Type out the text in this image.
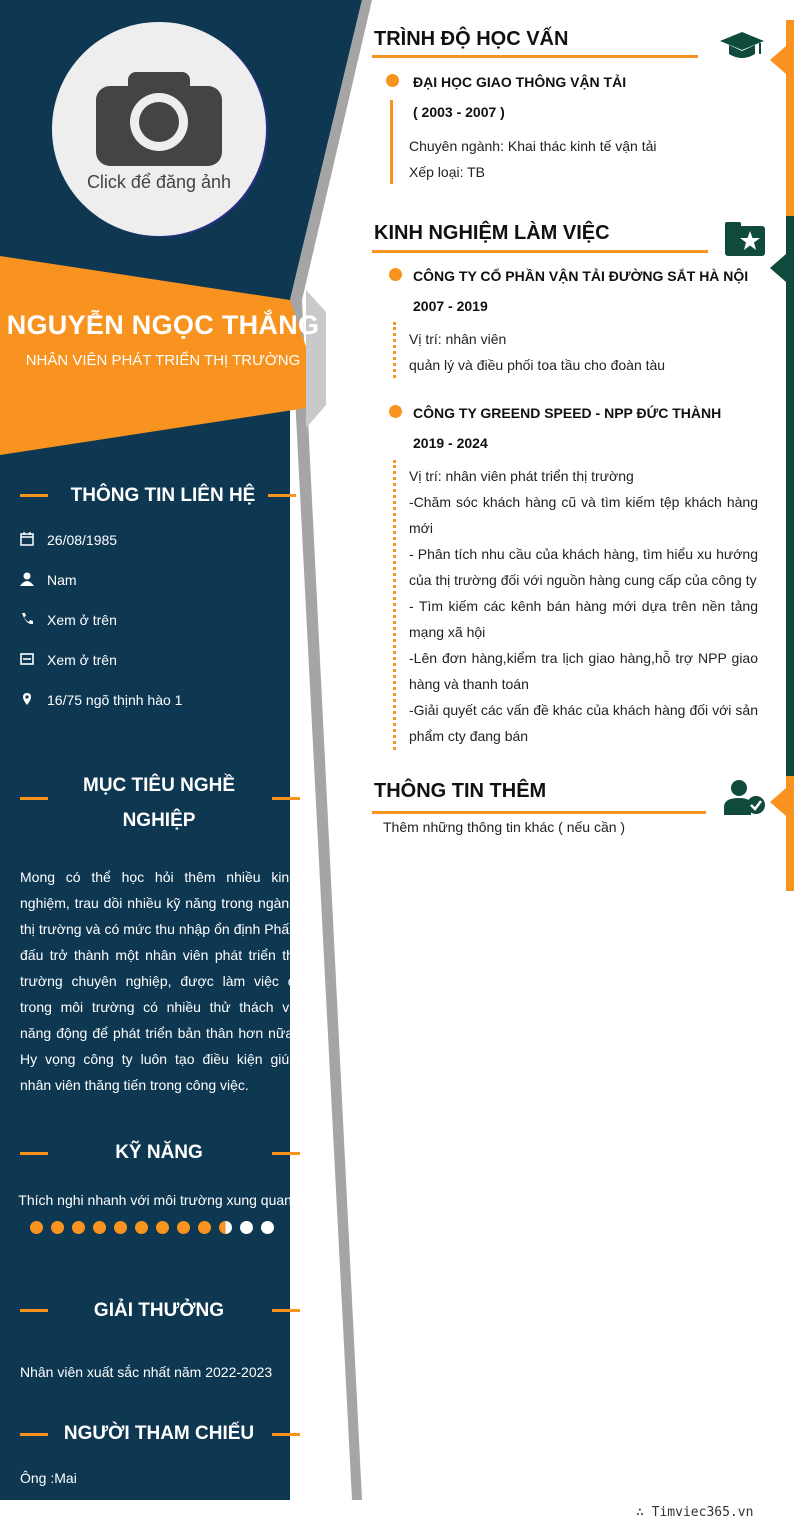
Click để đăng ảnh
NGUYỄN NGỌC THẮNG
NHÂN VIÊN PHÁT TRIỂN THỊ TRƯỜNG
THÔNG TIN LIÊN HỆ
26/08/1985
Nam
Xem ở trên
Xem ở trên
16/75 ngõ thịnh hào 1
MỤC TIÊU NGHỀ
NGHIỆP
Mong có thể học hỏi thêm nhiều kinh nghiệm, trau dồi nhiều kỹ năng trong ngành thị trường và có mức thu nhập ổn định Phấn đấu trở thành một nhân viên phát triển thị trường chuyên nghiệp, được làm việc ở trong môi trường có nhiều thử thách và năng động để phát triển bản thân hơn nữa. Hy vọng công ty luôn tạo điều kiện giúp nhân viên thăng tiến trong công việc.
KỸ NĂNG
Thích nghi nhanh với môi trường xung quanh
GIẢI THƯỞNG
Nhân viên xuất sắc nhất năm 2022-2023
NGƯỜI THAM CHIẾU
Ông :Mai
TRÌNH ĐỘ HỌC VẤN
ĐẠI HỌC GIAO THÔNG VẬN TẢI
( 2003 - 2007 )
Chuyên ngành: Khai thác kinh tế vận tải
Xếp loại: TB
KINH NGHIỆM LÀM VIỆC
CÔNG TY CỔ PHẦN VẬN TẢI ĐƯỜNG SẮT HÀ NỘI
2007 - 2019
Vị trí: nhân viên
quản lý và điều phối toa tầu cho đoàn tàu
CÔNG TY GREEND SPEED - NPP ĐỨC THÀNH
2019 - 2024
Vị trí: nhân viên phát triển thị trường
-Chăm sóc khách hàng cũ và tìm kiếm tệp khách hàng mới
- Phân tích nhu cầu của khách hàng, tìm hiểu xu hướng của thị trường đối với nguồn hàng cung cấp của công ty
- Tìm kiếm các kênh bán hàng mới dựa trên nền tảng mạng xã hội
-Lên đơn hàng,kiểm tra lịch giao hàng,hỗ trợ NPP giao hàng và thanh toán
-Giải quyết các vấn đề khác của khách hàng đối với sản phẩm cty đang bán
THÔNG TIN THÊM
Thêm những thông tin khác ( nếu cần )
∴ Timviec365.vn
